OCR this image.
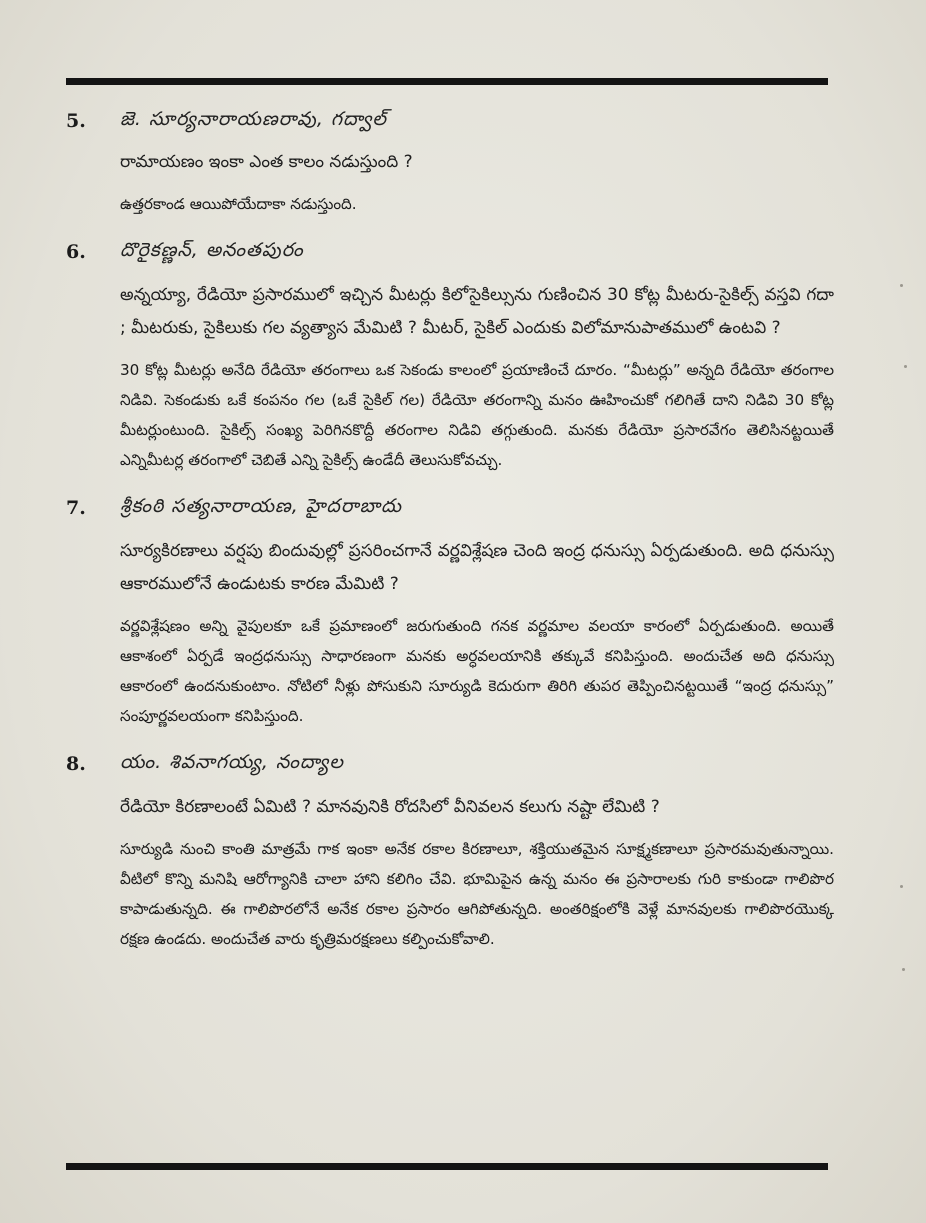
5.	జె. సూర్యనారాయణరావు, గద్వాల్
రామాయణం ఇంకా ఎంత కాలం నడుస్తుంది ?
ఉత్తరకాండ ఆయిపోయేదాకా నడుస్తుంది.
6.	దొరైకణ్ణన్, అనంతపురం
అన్నయ్యా, రేడియో ప్రసారములో ఇచ్చిన మీటర్లు కిలోసైకిల్సును గుణించిన 30 కోట్ల మీటరు-సైకిల్స్ వస్తవి గదా ; మీటరుకు, సైకిలుకు గల వ్యత్యాస మేమిటి ? మీటర్, సైకిల్ ఎందుకు విలోమానుపాతములో ఉంటవి ?
30 కోట్ల మీటర్లు అనేది రేడియో తరంగాలు ఒక సెకండు కాలంలో ప్రయాణించే దూరం. “మీటర్లు” అన్నది రేడియో తరంగాల నిడివి. సెకండుకు ఒకే కంపనం గల (ఒకే సైకిల్ గల) రేడియో తరంగాన్ని మనం ఊహించుకో గలిగితే దాని నిడివి 30 కోట్ల మీటర్లుంటుంది. సైకిల్స్ సంఖ్య పెరిగినకొద్దీ తరంగాల నిడివి తగ్గుతుంది. మనకు రేడియో ప్రసారవేగం తెలిసినట్టయితే ఎన్నిమీటర్ల తరంగాలో చెబితే ఎన్ని సైకిల్స్ ఉండేదీ తెలుసుకోవచ్చు.
7.	శ్రీకంఠి సత్యనారాయణ, హైదరాబాదు
సూర్యకిరణాలు వర్షపు బిందువుల్లో ప్రసరించగానే వర్ణవిశ్లేషణ చెంది ఇంద్ర ధనుస్సు ఏర్పడుతుంది. అది ధనుస్సు ఆకారములోనే ఉండుటకు కారణ మేమిటి ?
వర్ణవిశ్లేషణం అన్ని వైపులకూ ఒకే ప్రమాణంలో జరుగుతుంది గనక వర్ణమాల వలయా కారంలో ఏర్పడుతుంది. అయితే ఆకాశంలో ఏర్పడే ఇంద్రధనుస్సు సాధారణంగా మనకు అర్ధవలయానికి తక్కువే కనిపిస్తుంది. అందుచేత అది ధనుస్సు ఆకారంలో ఉందనుకుంటాం. నోటిలో నీళ్లు పోసుకుని సూర్యుడి కెదురుగా తిరిగి తుపర తెప్పించినట్టయితే “ఇంద్ర ధనుస్సు” సంపూర్ణవలయంగా కనిపిస్తుంది.
8.	యం. శివనాగయ్య, నంద్యాల
రేడియో కిరణాలంటే ఏమిటి ? మానవునికి రోదసిలో వీనివలన కలుగు నష్టా లేమిటి ?
సూర్యుడి నుంచి కాంతి మాత్రమే గాక ఇంకా అనేక రకాల కిరణాలూ, శక్తియుతమైన సూక్ష్మకణాలూ ప్రసారమవుతున్నాయి. వీటిలో కొన్ని మనిషి ఆరోగ్యానికి చాలా హాని కలిగిం చేవి. భూమిపైన ఉన్న మనం ఈ ప్రసారాలకు గురి కాకుండా గాలిపొర కాపాడుతున్నది. ఈ గాలిపొరలోనే అనేక రకాల ప్రసారం ఆగిపోతున్నది. అంతరిక్షంలోకి వెళ్లే మానవులకు గాలిపొరయొక్క రక్షణ ఉండదు. అందుచేత వారు కృత్రిమరక్షణలు కల్పించుకోవాలి.
